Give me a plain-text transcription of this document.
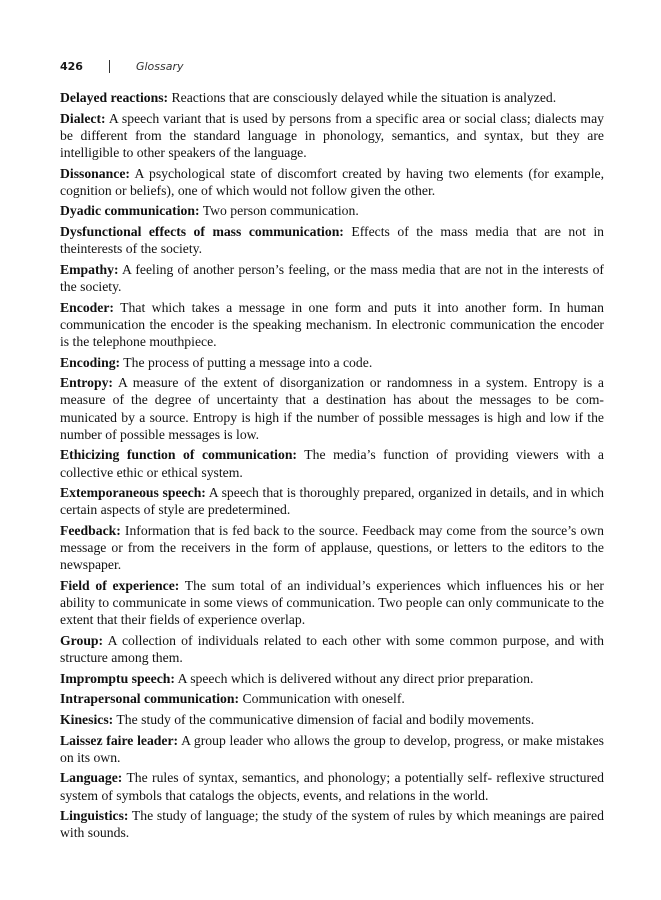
426	Glossary

Delayed reactions: Reactions that are consciously delayed while the situation is analyzed.

Dialect: A speech variant that is used by persons from a specific area or social class; dialects may be different from the standard language in phonology, semantics, and syntax, but they are intelligible to other speakers of the language.

Dissonance: A psychological state of discomfort created by having two elements (for example, cognition or beliefs), one of which would not follow given the other.

Dyadic communication: Two person communication.

Dysfunctional effects of mass communication: Effects of the mass media that are not in theinterests of the society.

Empathy: A feeling of another person’s feeling, or the mass media that are not in the interests of the society.

Encoder: That which takes a message in one form and puts it into another form. In human communication the encoder is the speaking mechanism. In electronic communication the encoder is the telephone mouthpiece.

Encoding: The process of putting a message into a code.

Entropy: A measure of the extent of disorganization or randomness in a system. Entropy is a measure of the degree of uncertainty that a destination has about the messages to be com-municated by a source. Entropy is high if the number of possible messages is high and low if the number of possible messages is low.

Ethicizing function of communication: The media’s function of providing viewers with a collective ethic or ethical system.

Extemporaneous speech: A speech that is thoroughly prepared, organized in details, and in which certain aspects of style are predetermined.

Feedback: Information that is fed back to the source. Feedback may come from the source’s own message or from the receivers in the form of applause, questions, or letters to the editors to the newspaper.

Field of experience: The sum total of an individual’s experiences which influences his or her ability to communicate in some views of communication. Two people can only communicate to the extent that their fields of experience overlap.

Group: A collection of individuals related to each other with some common purpose, and with structure among them.

Impromptu speech: A speech which is delivered without any direct prior preparation.

Intrapersonal communication: Communication with oneself.

Kinesics: The study of the communicative dimension of facial and bodily movements.

Laissez faire leader: A group leader who allows the group to develop, progress, or make mistakes on its own.

Language: The rules of syntax, semantics, and phonology; a potentially self- reflexive structured system of symbols that catalogs the objects, events, and relations in the world.

Linguistics: The study of language; the study of the system of rules by which meanings are paired with sounds.
